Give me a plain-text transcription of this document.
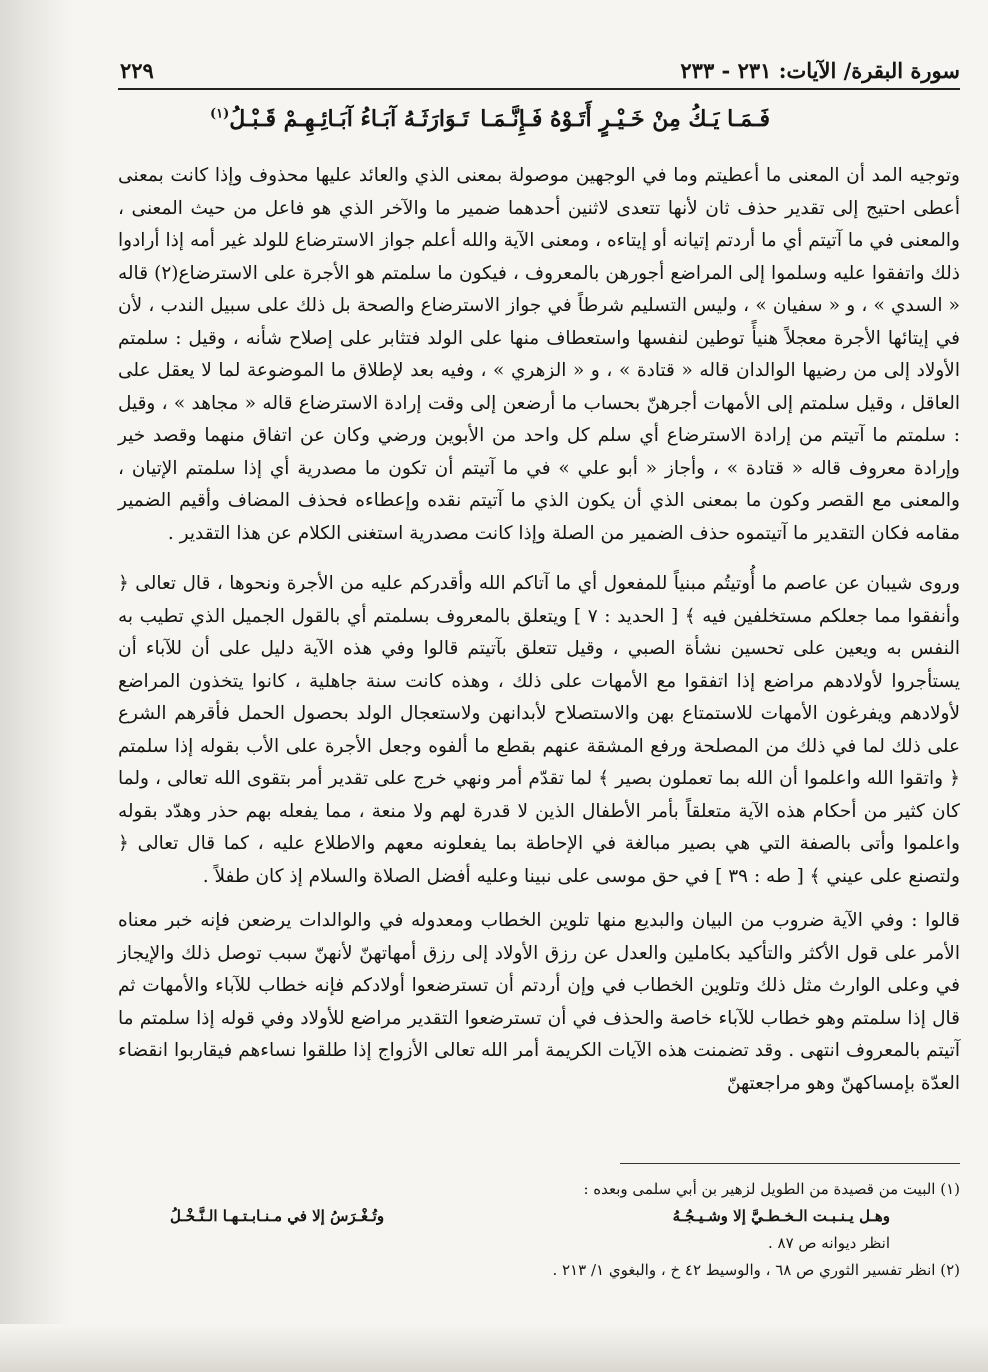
سورة البقرة/ الآيات: ٢٣١ - ٢٣٣
٢٢٩
فَـمَـا يَـكُ مِنْ خَـيْـرٍ أَتَـوْهُ فَـإِنَّـمَـا
تَـوَارَثَـهُ آبَـاءُ آبَـائِـهِـمْ قَـبْـلُ$^{(١)}$

وتوجيه المد أن المعنى ما أعطيتم وما في الوجهين موصولة بمعنى الذي والعائد عليها محذوف وإذا كانت بمعنى أعطى احتيج إلى تقدير حذف ثان لأنها تتعدى لاثنين أحدهما ضمير ما والآخر الذي هو فاعل من حيث المعنى ، والمعنى في ما آتيتم أي ما أردتم إتيانه أو إيتاءه ، ومعنى الآية والله أعلم جواز الاسترضاع للولد غير أمه إذا أرادوا ذلك واتفقوا عليه وسلموا إلى المراضع أجورهن بالمعروف ، فيكون ما سلمتم هو الأجرة على الاسترضاع(٢) قاله « السدي » ، و « سفيان » ، وليس التسليم شرطاً في جواز الاسترضاع والصحة بل ذلك على سبيل الندب ، لأن في إيتائها الأجرة معجلاً هنيأً توطين لنفسها واستعطاف منها على الولد فتثابر على إصلاح شأنه ، وقيل : سلمتم الأولاد إلى من رضيها الوالدان قاله « قتادة » ، و « الزهري » ، وفيه بعد لإطلاق ما الموضوعة لما لا يعقل على العاقل ، وقيل سلمتم إلى الأمهات أجرهنّ بحساب ما أرضعن إلى وقت إرادة الاسترضاع قاله « مجاهد » ، وقيل : سلمتم ما آتيتم من إرادة الاسترضاع أي سلم كل واحد من الأبوين ورضي وكان عن اتفاق منهما وقصد خير وإرادة معروف قاله « قتادة » ، وأجاز « أبو علي » في ما آتيتم أن تكون ما مصدرية أي إذا سلمتم الإتيان ، والمعنى مع القصر وكون ما بمعنى الذي أن يكون الذي ما آتيتم نقده وإعطاءه فحذف المضاف وأقيم الضمير مقامه فكان التقدير ما آتيتموه حذف الضمير من الصلة وإذا كانت مصدرية استغنى الكلام عن هذا التقدير .

وروى شيبان عن عاصم ما أُوتيتُم مبنياً للمفعول أي ما آتاكم الله وأقدركم عليه من الأجرة ونحوها ، قال تعالى ﴿ وأنفقوا مما جعلكم مستخلفين فيه ﴾ [ الحديد : ٧ ] ويتعلق بالمعروف بسلمتم أي بالقول الجميل الذي تطيب به النفس به ويعين على تحسين نشأة الصبي ، وقيل تتعلق بآتيتم قالوا وفي هذه الآية دليل على أن للآباء أن يستأجروا لأولادهم مراضع إذا اتفقوا مع الأمهات على ذلك ، وهذه كانت سنة جاهلية ، كانوا يتخذون المراضع لأولادهم ويفرغون الأمهات للاستمتاع بهن والاستصلاح لأبدانهن ولاستعجال الولد بحصول الحمل فأقرهم الشرع على ذلك لما في ذلك من المصلحة ورفع المشقة عنهم بقطع ما ألفوه وجعل الأجرة على الأب بقوله إذا سلمتم ﴿ واتقوا الله واعلموا أن الله بما تعملون بصير ﴾ لما تقدّم أمر ونهي خرج على تقدير أمر بتقوى الله تعالى ، ولما كان كثير من أحكام هذه الآية متعلقاً بأمر الأطفال الذين لا قدرة لهم ولا منعة ، مما يفعله بهم حذر وهدّد بقوله واعلموا وأتى بالصفة التي هي بصير مبالغة في الإحاطة بما يفعلونه معهم والاطلاع عليه ، كما قال تعالى ﴿ ولتصنع على عيني ﴾ [ طه : ٣٩ ] في حق موسى على نبينا وعليه أفضل الصلاة والسلام إذ كان طفلاً .

قالوا : وفي الآية ضروب من البيان والبديع منها تلوين الخطاب ومعدوله في والوالدات يرضعن فإنه خبر معناه الأمر على قول الأكثر والتأكيد بكاملين والعدل عن رزق الأولاد إلى رزق أمهاتهنّ لأنهنّ سبب توصل ذلك والإيجاز في وعلى الوارث مثل ذلك وتلوين الخطاب في وإن أردتم أن تسترضعوا أولادكم فإنه خطاب للآباء والأمهات ثم قال إذا سلمتم وهو خطاب للآباء خاصة والحذف في أن تسترضعوا التقدير مراضع للأولاد وفي قوله إذا سلمتم ما آتيتم بالمعروف انتهى . وقد تضمنت هذه الآيات الكريمة أمر الله تعالى الأزواج إذا طلقوا نساءهم فيقاربوا انقضاء العدّة بإمساكهنّ وهو مراجعتهنّ

(١) البيت من قصيدة من الطويل لزهير بن أبي سلمى وبعده :
وهـل يـنـبـت الـخـطـيَّ إلا وشـيـجُـهُ
وتُـغْـرَسُ إلا في مـنـابـتـهـا الـنَّـخْـلُ
انظر ديوانه ص ٨٧ .
(٢) انظر تفسير الثوري ص ٦٨ ، والوسيط ٤٢ خ ، والبغوي ١/ ٢١٣ .
